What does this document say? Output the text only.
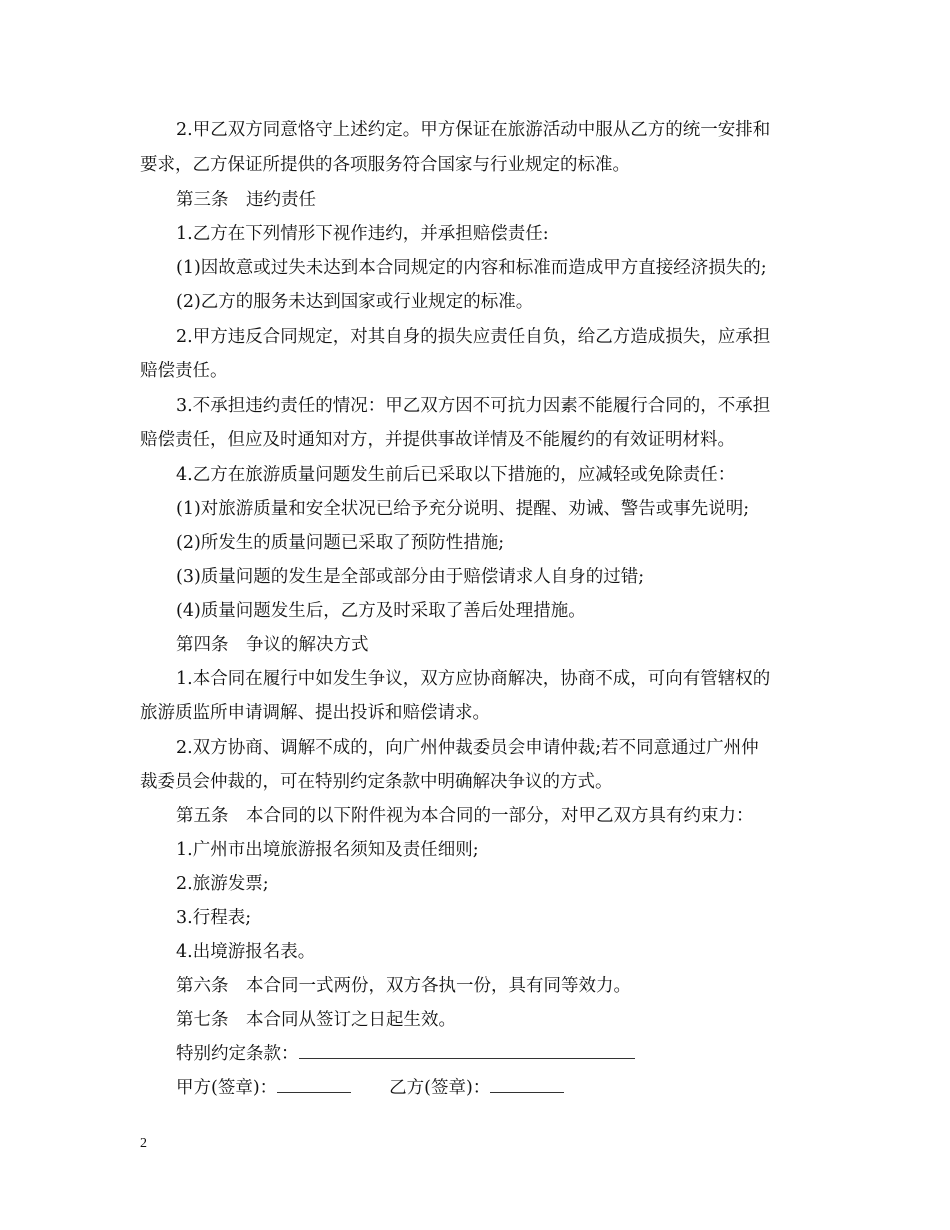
2.甲乙双方同意恪守上述约定。甲方保证在旅游活动中服从乙方的统一安排和
要求，乙方保证所提供的各项服务符合国家与行业规定的标准。
第三条　违约责任
1.乙方在下列情形下视作违约，并承担赔偿责任:
(1)因故意或过失未达到本合同规定的内容和标准而造成甲方直接经济损失的;
(2)乙方的服务未达到国家或行业规定的标准。
2.甲方违反合同规定，对其自身的损失应责任自负，给乙方造成损失，应承担
赔偿责任。
3.不承担违约责任的情况：甲乙双方因不可抗力因素不能履行合同的，不承担
赔偿责任，但应及时通知对方，并提供事故详情及不能履约的有效证明材料。
4.乙方在旅游质量问题发生前后已采取以下措施的，应减轻或免除责任：
(1)对旅游质量和安全状况已给予充分说明、提醒、劝诫、警告或事先说明;
(2)所发生的质量问题已采取了预防性措施;
(3)质量问题的发生是全部或部分由于赔偿请求人自身的过错;
(4)质量问题发生后，乙方及时采取了善后处理措施。
第四条　争议的解决方式
1.本合同在履行中如发生争议，双方应协商解决，协商不成，可向有管辖权的
旅游质监所申请调解、提出投诉和赔偿请求。
2.双方协商、调解不成的，向广州仲裁委员会申请仲裁;若不同意通过广州仲
裁委员会仲裁的，可在特别约定条款中明确解决争议的方式。
第五条　本合同的以下附件视为本合同的一部分，对甲乙双方具有约束力：
1.广州市出境旅游报名须知及责任细则;
2.旅游发票;
3.行程表;
4.出境游报名表。
第六条　本合同一式两份，双方各执一份，具有同等效力。
第七条　本合同从签订之日起生效。
特别约定条款：
甲方(签章)：	乙方(签章)：
2
